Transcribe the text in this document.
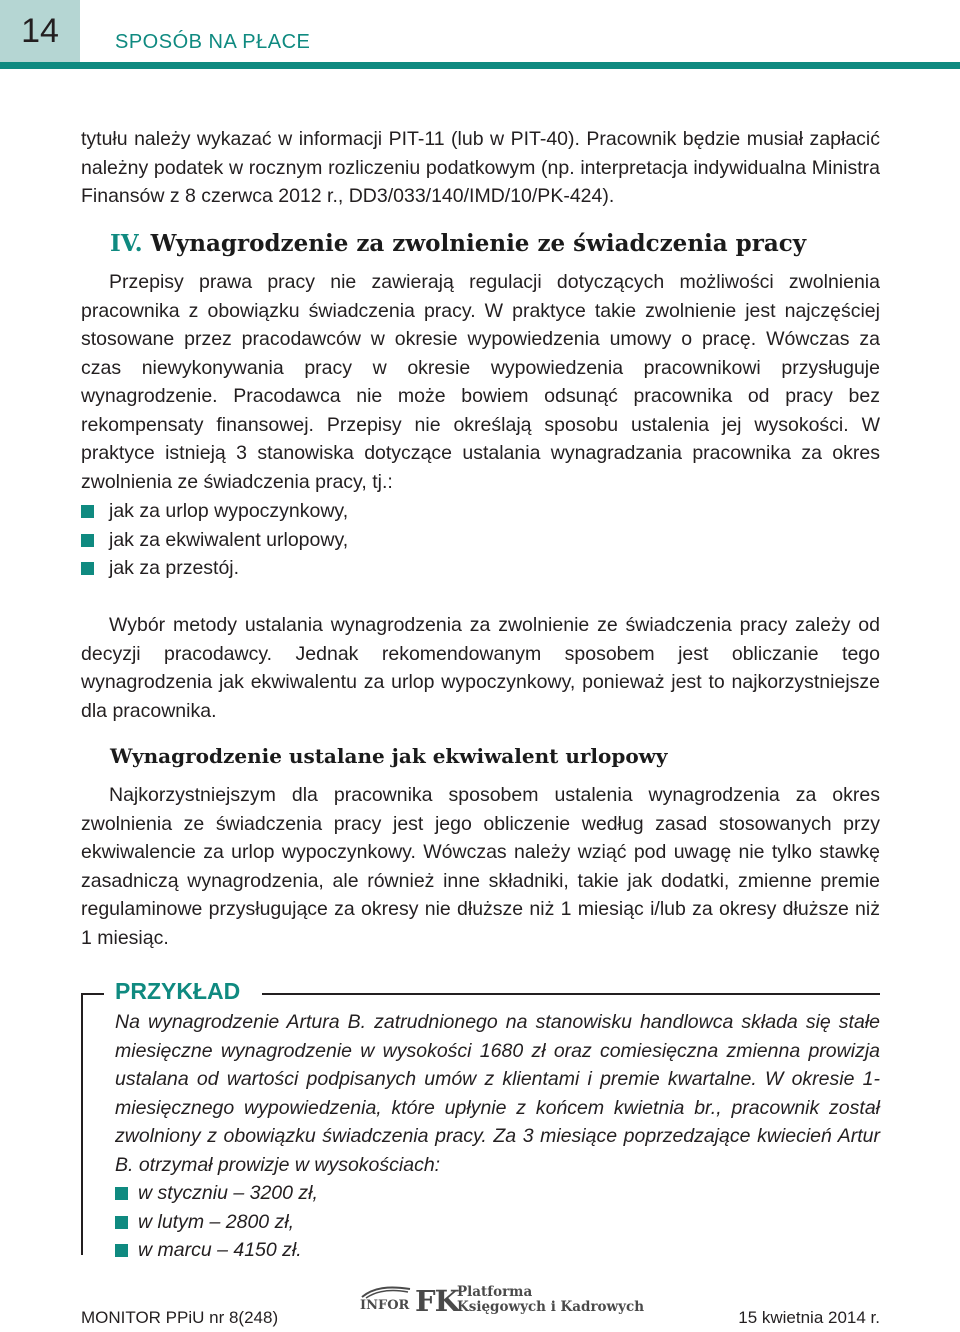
14	SPOSÓB NA PŁACE

tytułu należy wykazać w informacji PIT-11 (lub w PIT-40). Pracownik będzie musiał zapłacić należny podatek w rocznym rozliczeniu podatkowym (np. interpretacja indywidualna Ministra Finansów z 8 czerwca 2012 r., DD3/033/140/IMD/10/PK-424).

IV. Wynagrodzenie za zwolnienie ze świadczenia pracy

Przepisy prawa pracy nie zawierają regulacji dotyczących możliwości zwolnienia pracownika z obowiązku świadczenia pracy. W praktyce takie zwolnienie jest najczęściej stosowane przez pracodawców w okresie wypowiedzenia umowy o pracę. Wówczas za czas niewykonywania pracy w okresie wypowiedzenia pracownikowi przysługuje wynagrodzenie. Pracodawca nie może bowiem odsunąć pracownika od pracy bez rekompensaty finansowej. Przepisy nie określają sposobu ustalenia jej wysokości. W praktyce istnieją 3 stanowiska dotyczące ustalania wynagradzania pracownika za okres zwolnienia ze świadczenia pracy, tj.:

jak za urlop wypoczynkowy,
jak za ekwiwalent urlopowy,
jak za przestój.

Wybór metody ustalania wynagrodzenia za zwolnienie ze świadczenia pracy zależy od decyzji pracodawcy. Jednak rekomendowanym sposobem jest obliczanie tego wynagrodzenia jak ekwiwalentu za urlop wypoczynkowy, ponieważ jest to najkorzystniejsze dla pracownika.

Wynagrodzenie ustalane jak ekwiwalent urlopowy

Najkorzystniejszym dla pracownika sposobem ustalenia wynagrodzenia za okres zwolnienia ze świadczenia pracy jest jego obliczenie według zasad stosowanych przy ekwiwalencie za urlop wypoczynkowy. Wówczas należy wziąć pod uwagę nie tylko stawkę zasadniczą wynagrodzenia, ale również inne składniki, takie jak dodatki, zmienne premie regulaminowe przysługujące za okresy nie dłuższe niż 1 miesiąc i/lub za okresy dłuższe niż 1 miesiąc.

PRZYKŁAD

Na wynagrodzenie Artura B. zatrudnionego na stanowisku handlowca składa się stałe miesięczne wynagrodzenie w wysokości 1680 zł oraz comiesięczna zmienna prowizja ustalana od wartości podpisanych umów z klientami i premie kwartalne. W okresie 1-miesięcznego wypowiedzenia, które upłynie z końcem kwietnia br., pracownik został zwolniony z obowiązku świadczenia pracy. Za 3 miesiące poprzedzające kwiecień Artur B. otrzymał prowizje w wysokościach:

w styczniu – 3200 zł,
w lutym – 2800 zł,
w marcu – 4150 zł.
MONITOR PPiU nr 8(248)
INFOR FK
Platforma
Księgowych i Kadrowych
15 kwietnia 2014 r.
